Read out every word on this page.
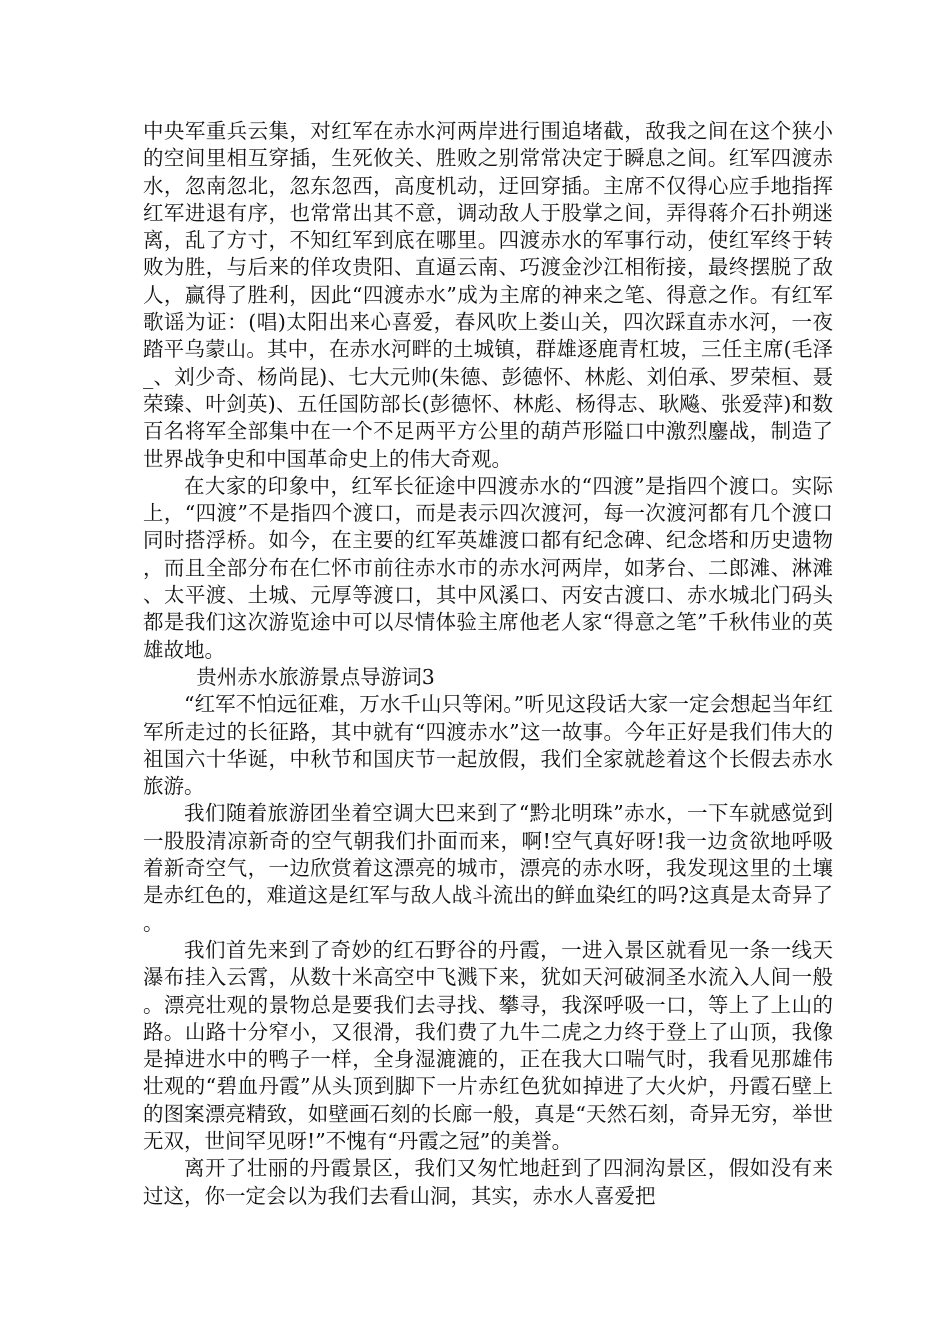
中央军重兵云集，对红军在赤水河两岸进行围追堵截，敌我之间在这个狭小的空间里相互穿插，生死攸关、胜败之别常常决定于瞬息之间。红军四渡赤水，忽南忽北，忽东忽西，高度机动，迂回穿插。主席不仅得心应手地指挥红军进退有序，也常常出其不意，调动敌人于股掌之间，弄得蒋介石扑朔迷离，乱了方寸，不知红军到底在哪里。四渡赤水的军事行动，使红军终于转败为胜，与后来的佯攻贵阳、直逼云南、巧渡金沙江相衔接，最终摆脱了敌人，赢得了胜利，因此“四渡赤水”成为主席的神来之笔、得意之作。有红军歌谣为证：(唱)太阳出来心喜爱，春风吹上娄山关，四次踩直赤水河，一夜踏平乌蒙山。其中，在赤水河畔的土城镇，群雄逐鹿青杠坡，三任主席(毛泽_、刘少奇、杨尚昆)、七大元帅(朱德、彭德怀、林彪、刘伯承、罗荣桓、聂荣臻、叶剑英)、五任国防部长(彭德怀、林彪、杨得志、耿飚、张爱萍)和数百名将军全部集中在一个不足两平方公里的葫芦形隘口中激烈鏖战，制造了世界战争史和中国革命史上的伟大奇观。

在大家的印象中，红军长征途中四渡赤水的“四渡”是指四个渡口。实际上，“四渡”不是指四个渡口，而是表示四次渡河，每一次渡河都有几个渡口同时搭浮桥。如今，在主要的红军英雄渡口都有纪念碑、纪念塔和历史遗物，而且全部分布在仁怀市前往赤水市的赤水河两岸，如茅台、二郎滩、淋滩、太平渡、土城、元厚等渡口，其中风溪口、丙安古渡口、赤水城北门码头都是我们这次游览途中可以尽情体验主席他老人家“得意之笔”千秋伟业的英雄故地。

贵州赤水旅游景点导游词3

“红军不怕远征难，万水千山只等闲。”听见这段话大家一定会想起当年红军所走过的长征路，其中就有“四渡赤水”这一故事。今年正好是我们伟大的祖国六十华诞，中秋节和国庆节一起放假，我们全家就趁着这个长假去赤水旅游。

我们随着旅游团坐着空调大巴来到了“黔北明珠”赤水，一下车就感觉到一股股清凉新奇的空气朝我们扑面而来，啊!空气真好呀!我一边贪欲地呼吸着新奇空气，一边欣赏着这漂亮的城市，漂亮的赤水呀，我发现这里的土壤是赤红色的，难道这是红军与敌人战斗流出的鲜血染红的吗?这真是太奇异了。

我们首先来到了奇妙的红石野谷的丹霞，一进入景区就看见一条一线天瀑布挂入云霄，从数十米高空中飞溅下来，犹如天河破洞圣水流入人间一般。漂亮壮观的景物总是要我们去寻找、攀寻，我深呼吸一口，等上了上山的路。山路十分窄小，又很滑，我们费了九牛二虎之力终于登上了山顶，我像是掉进水中的鸭子一样，全身湿漉漉的，正在我大口喘气时，我看见那雄伟壮观的“碧血丹霞”从头顶到脚下一片赤红色犹如掉进了大火炉，丹霞石壁上的图案漂亮精致，如壁画石刻的长廊一般，真是“天然石刻，奇异无穷，举世无双，世间罕见呀!”不愧有“丹霞之冠”的美誉。

离开了壮丽的丹霞景区，我们又匆忙地赶到了四洞沟景区，假如没有来过这，你一定会以为我们去看山洞，其实，赤水人喜爱把
